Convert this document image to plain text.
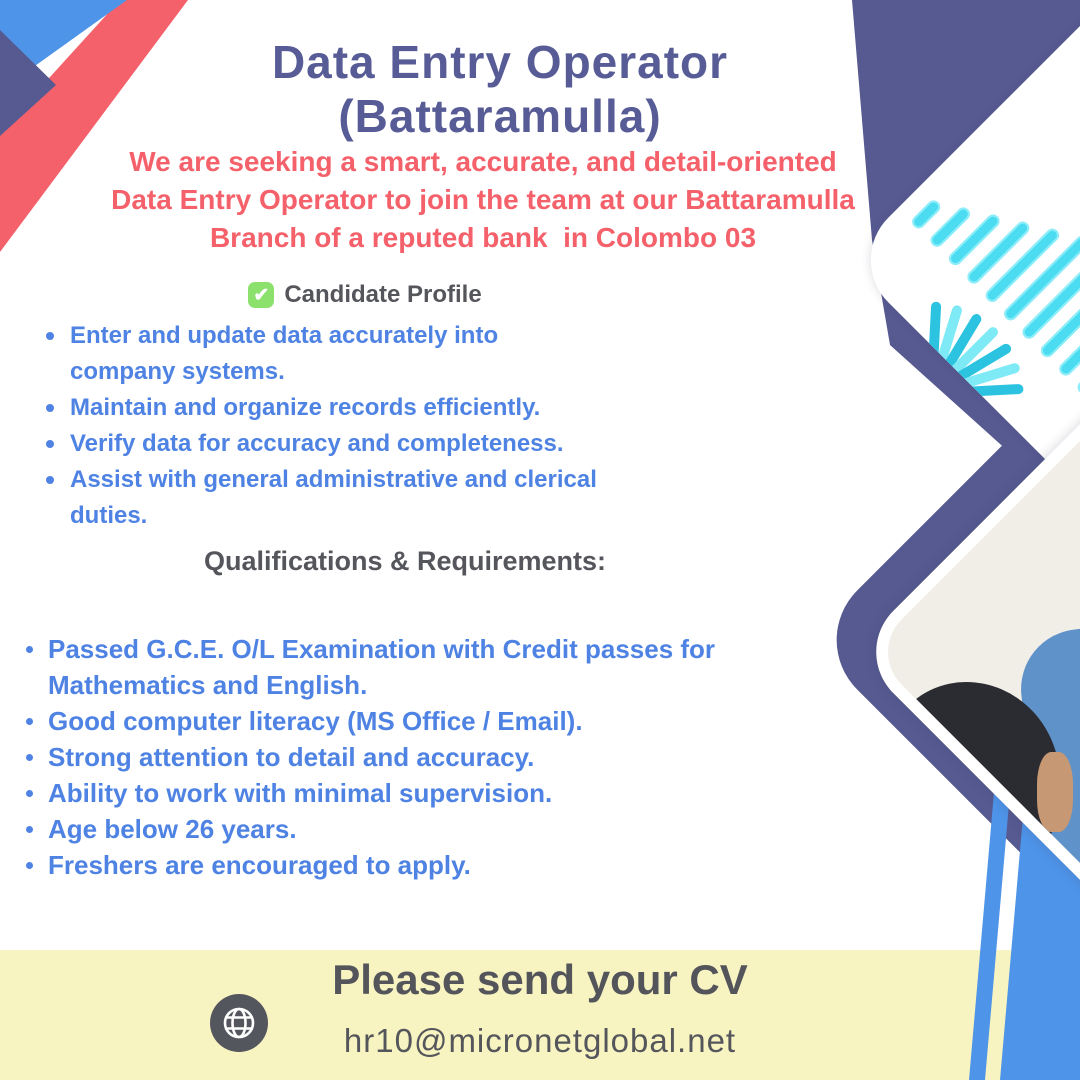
Data Entry Operator
(Battaramulla)
We are seeking a smart, accurate, and detail-oriented
Data Entry Operator to join the team at our Battaramulla
Branch of a reputed bank  in Colombo 03
✔ Candidate Profile
Enter and update data accurately into
company systems.
Maintain and organize records efficiently.
Verify data for accuracy and completeness.
Assist with general administrative and clerical
duties.
Qualifications & Requirements:
Passed G.C.E. O/L Examination with Credit passes for
Mathematics and English.
Good computer literacy (MS Office / Email).
Strong attention to detail and accuracy.
Ability to work with minimal supervision.
Age below 26 years.
Freshers are encouraged to apply.
Please send your CV
hr10@micronetglobal.net
